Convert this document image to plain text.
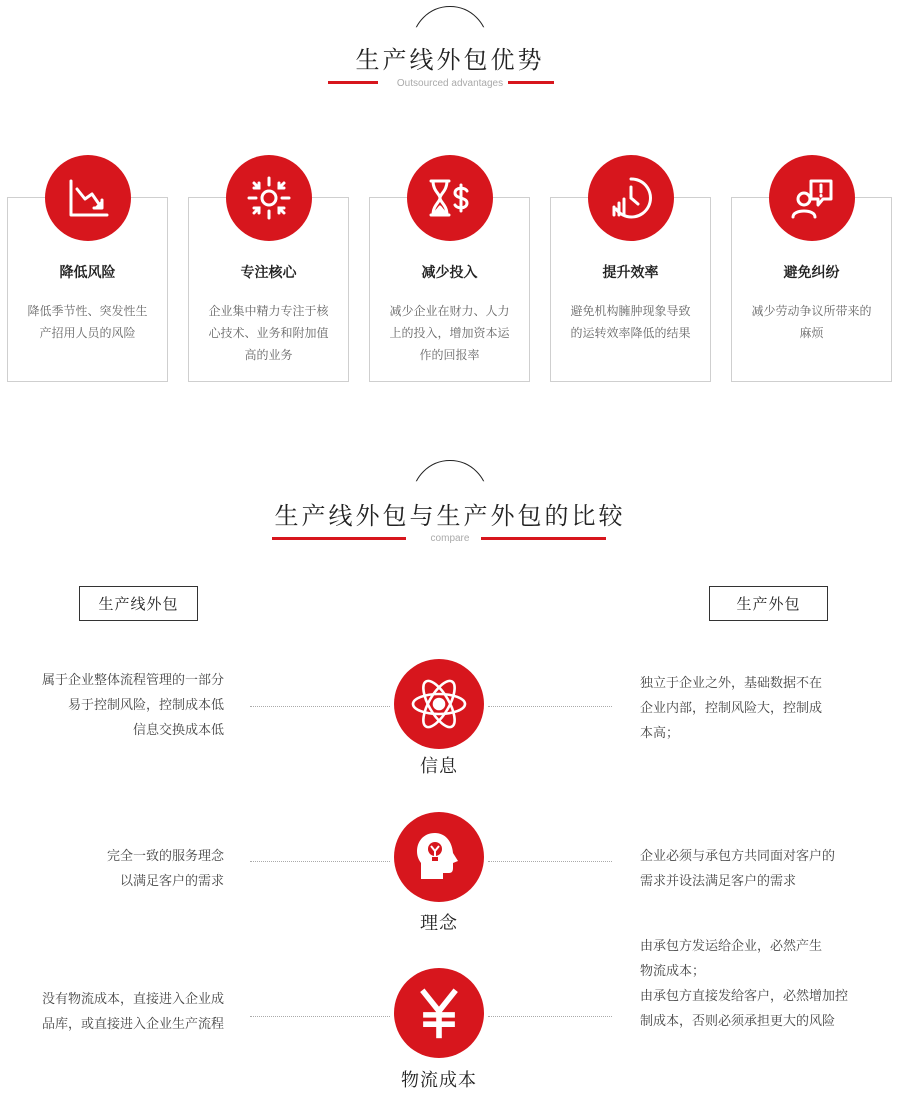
生产线外包优势
Outsourced advantages
降低风险
降低季节性、突发性生产招用人员的风险
专注核心
企业集中精力专注于核心技术、业务和附加值高的业务
减少投入
减少企业在财力、人力上的投入，增加资本运作的回报率
提升效率
避免机构臃肿现象导致的运转效率降低的结果
避免纠纷
减少劳动争议所带来的麻烦
生产线外包与生产外包的比较
compare
生产线外包	生产外包
属于企业整体流程管理的一部分
易于控制风险，控制成本低
信息交换成本低
信息
独立于企业之外，基础数据不在
企业内部，控制风险大，控制成
本高；
完全一致的服务理念
以满足客户的需求
理念
企业必须与承包方共同面对客户的
需求并设法满足客户的需求
没有物流成本，直接进入企业成
品库，或直接进入企业生产流程
物流成本
由承包方发运给企业，必然产生
物流成本；
由承包方直接发给客户，必然增加控
制成本，否则必须承担更大的风险
